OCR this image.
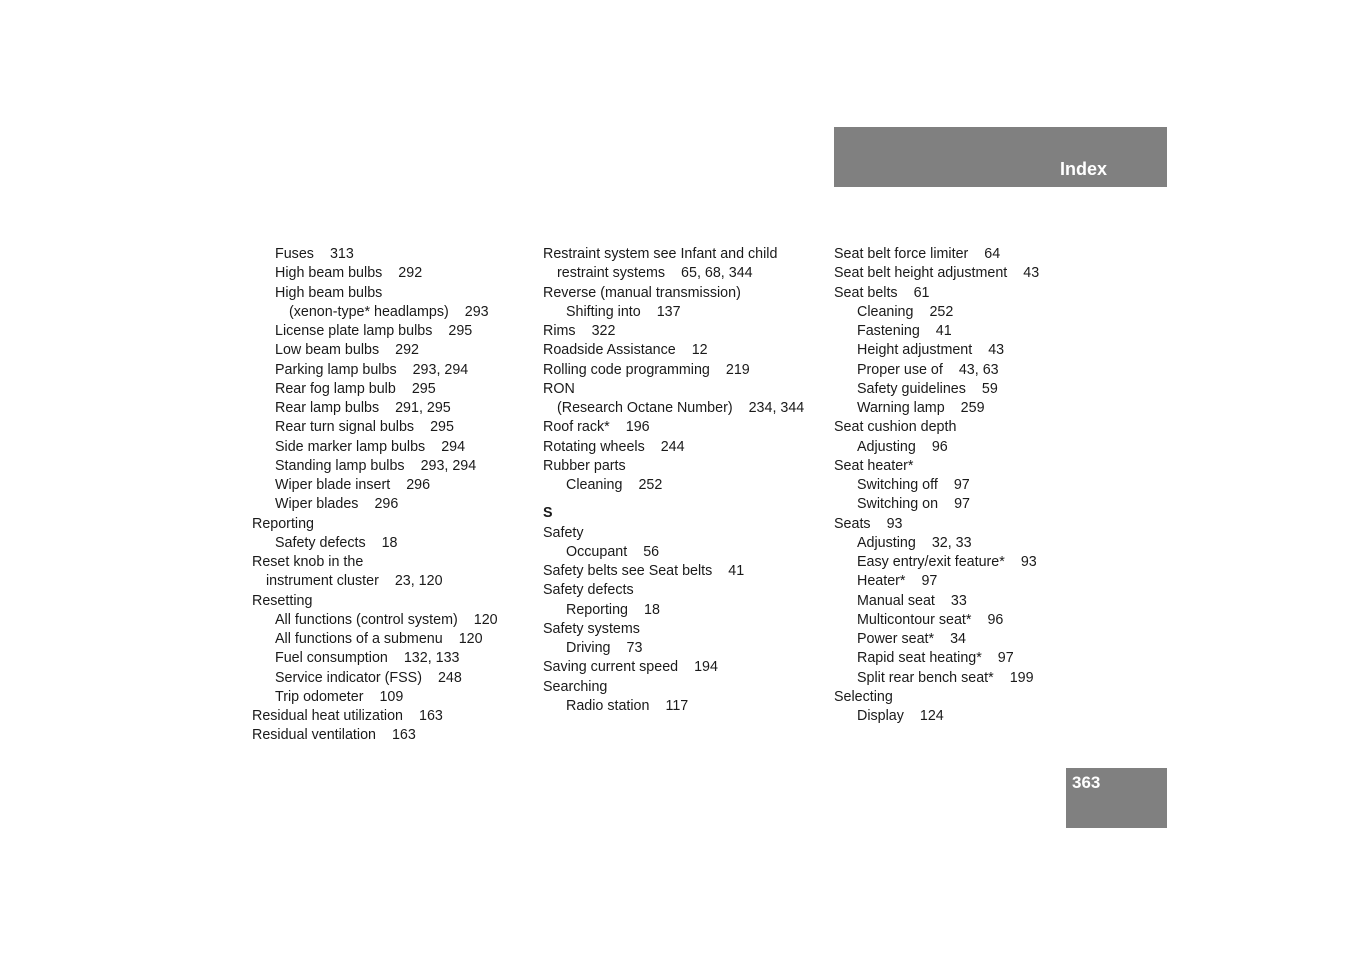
Index
Fuses 313
High beam bulbs 292
High beam bulbs
(xenon-type* headlamps) 293
License plate lamp bulbs 295
Low beam bulbs 292
Parking lamp bulbs 293, 294
Rear fog lamp bulb 295
Rear lamp bulbs 291, 295
Rear turn signal bulbs 295
Side marker lamp bulbs 294
Standing lamp bulbs 293, 294
Wiper blade insert 296
Wiper blades 296
Reporting
Safety defects 18
Reset knob in the
instrument cluster 23, 120
Resetting
All functions (control system) 120
All functions of a submenu 120
Fuel consumption 132, 133
Service indicator (FSS) 248
Trip odometer 109
Residual heat utilization 163
Residual ventilation 163
Restraint system see Infant and child
restraint systems 65, 68, 344
Reverse (manual transmission)
Shifting into 137
Rims 322
Roadside Assistance 12
Rolling code programming 219
RON
(Research Octane Number) 234, 344
Roof rack* 196
Rotating wheels 244
Rubber parts
Cleaning 252
S
Safety
Occupant 56
Safety belts see Seat belts 41
Safety defects
Reporting 18
Safety systems
Driving 73
Saving current speed 194
Searching
Radio station 117
Seat belt force limiter 64
Seat belt height adjustment 43
Seat belts 61
Cleaning 252
Fastening 41
Height adjustment 43
Proper use of 43, 63
Safety guidelines 59
Warning lamp 259
Seat cushion depth
Adjusting 96
Seat heater*
Switching off 97
Switching on 97
Seats 93
Adjusting 32, 33
Easy entry/exit feature* 93
Heater* 97
Manual seat 33
Multicontour seat* 96
Power seat* 34
Rapid seat heating* 97
Split rear bench seat* 199
Selecting
Display 124
363
